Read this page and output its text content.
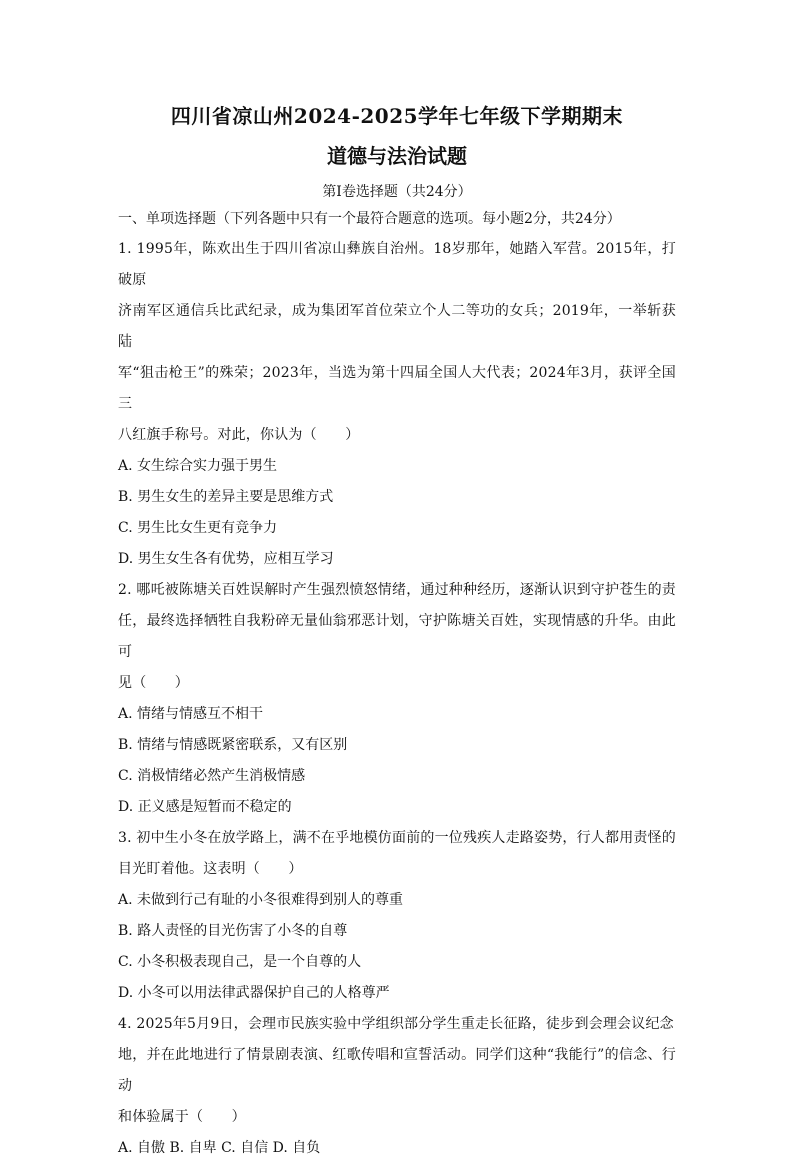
四川省凉山州2024-2025学年七年级下学期期末
道德与法治试题

第Ⅰ卷选择题（共24分）

一、单项选择题（下列各题中只有一个最符合题意的选项。每小题2分，共24分）

1. 1995年，陈欢出生于四川省凉山彝族自治州。18岁那年，她踏入军营。2015年，打破原

济南军区通信兵比武纪录，成为集团军首位荣立个人二等功的女兵；2019年，一举斩获陆

军“狙击枪王”的殊荣；2023年，当选为第十四届全国人大代表；2024年3月，获评全国三

八红旗手称号。对此，你认为（　　）

A. 女生综合实力强于男生

B. 男生女生的差异主要是思维方式

C. 男生比女生更有竞争力

D. 男生女生各有优势，应相互学习

2. 哪吒被陈塘关百姓误解时产生强烈愤怒情绪，通过种种经历，逐渐认识到守护苍生的责

任，最终选择牺牲自我粉碎无量仙翁邪恶计划，守护陈塘关百姓，实现情感的升华。由此可

见（　　）

A. 情绪与情感互不相干

B. 情绪与情感既紧密联系，又有区别

C. 消极情绪必然产生消极情感

D. 正义感是短暂而不稳定的

3. 初中生小冬在放学路上，满不在乎地模仿面前的一位残疾人走路姿势，行人都用责怪的

目光盯着他。这表明（　　）

A. 未做到行己有耻的小冬很难得到别人的尊重

B. 路人责怪的目光伤害了小冬的自尊

C. 小冬积极表现自己，是一个自尊的人

D. 小冬可以用法律武器保护自己的人格尊严

4. 2025年5月9日，会理市民族实验中学组织部分学生重走长征路，徒步到会理会议纪念

地，并在此地进行了情景剧表演、红歌传唱和宣誓活动。同学们这种“我能行”的信念、行动

和体验属于（　　）

A. 自傲 B. 自卑 C. 自信 D. 自负
